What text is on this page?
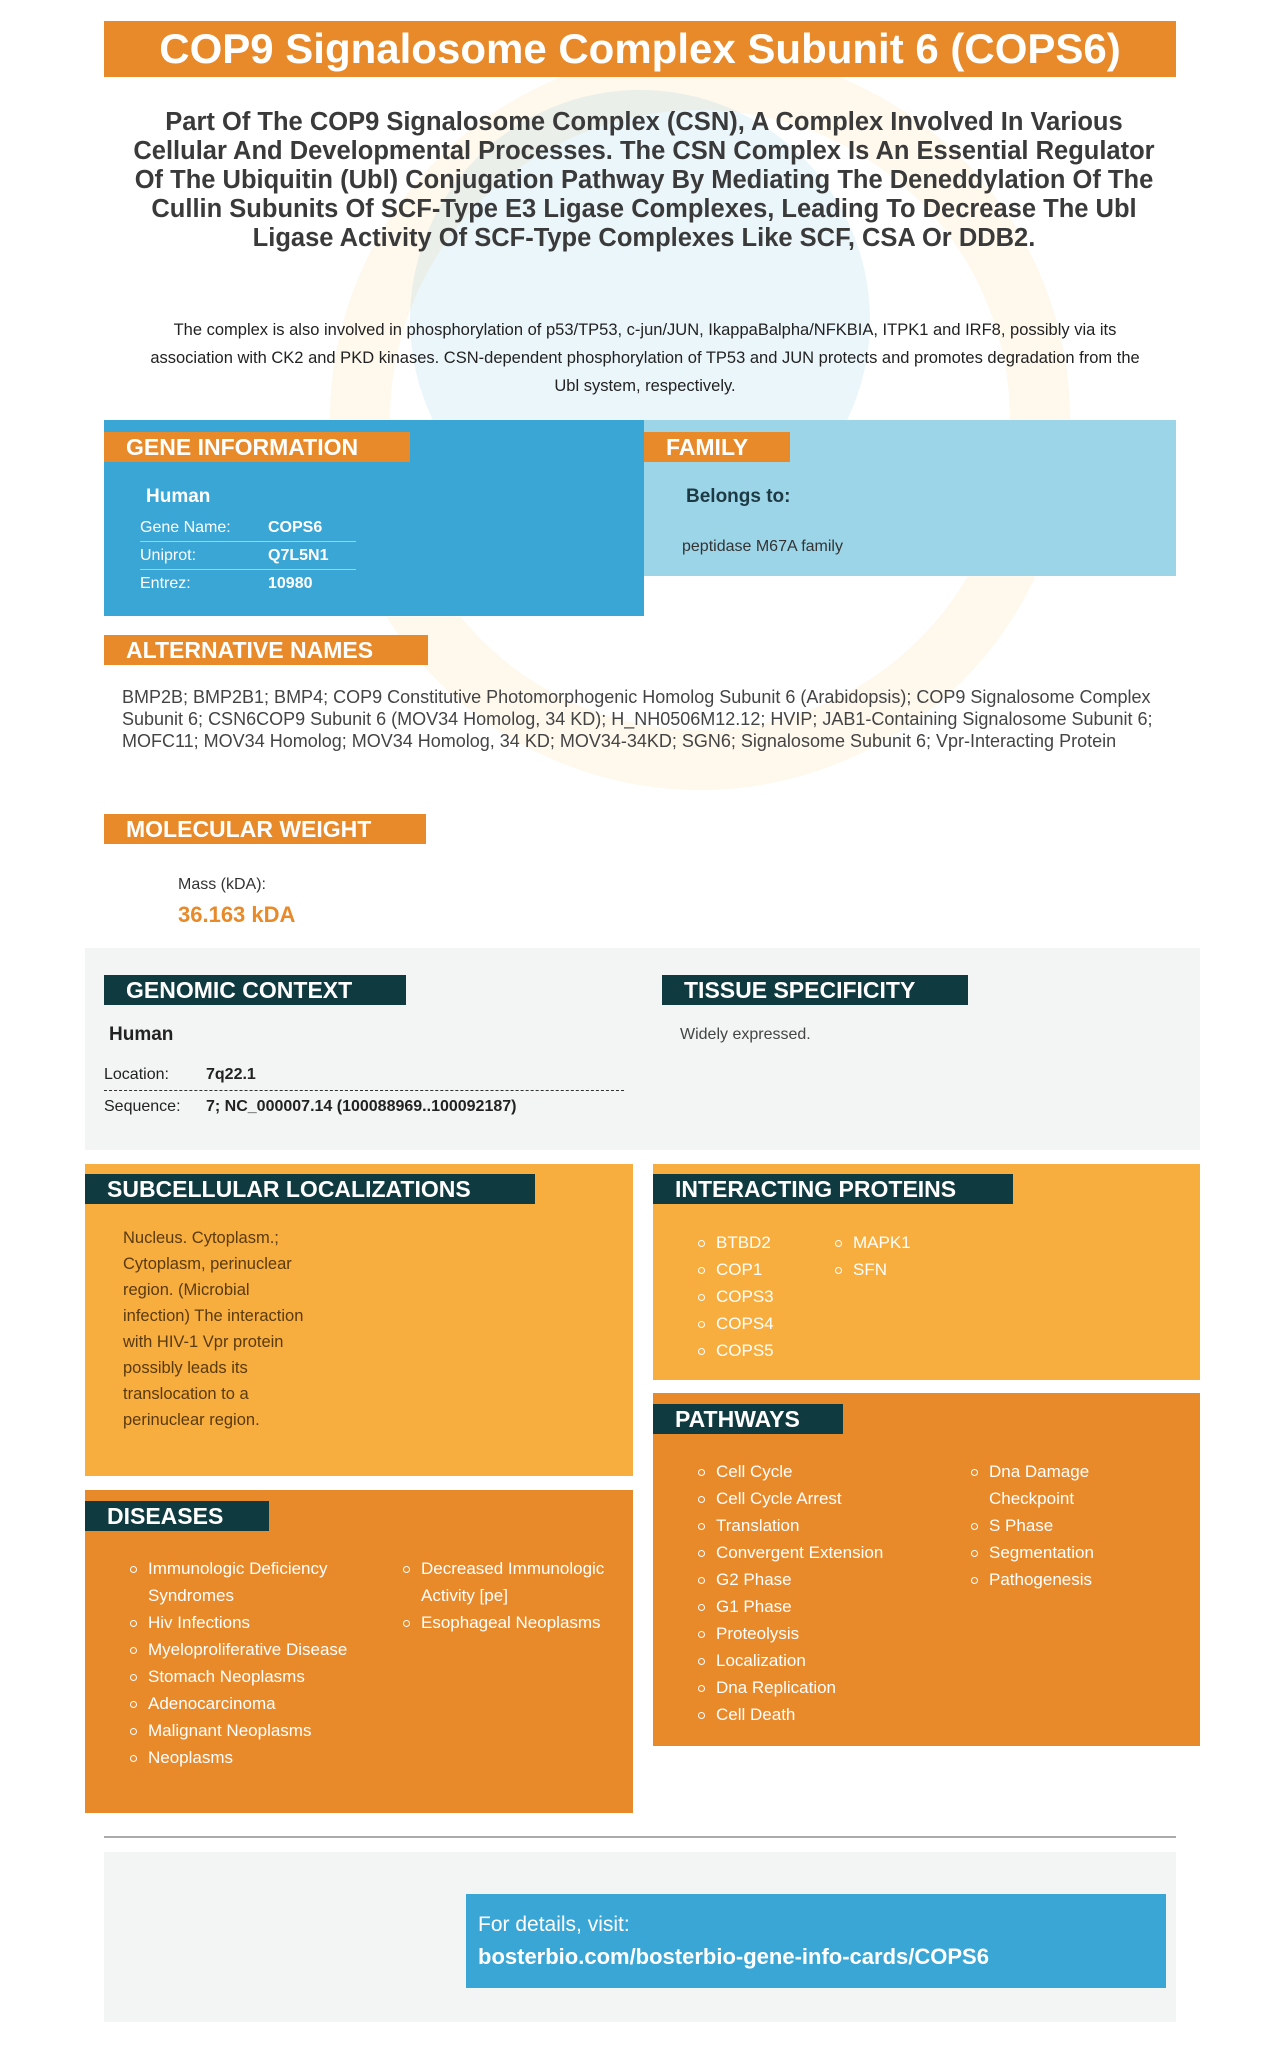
COP9 Signalosome Complex Subunit 6 (COPS6)
Part Of The COP9 Signalosome Complex (CSN), A Complex Involved In Various Cellular And Developmental Processes. The CSN Complex Is An Essential Regulator Of The Ubiquitin (Ubl) Conjugation Pathway By Mediating The Deneddylation Of The Cullin Subunits Of SCF-Type E3 Ligase Complexes, Leading To Decrease The Ubl Ligase Activity Of SCF-Type Complexes Like SCF, CSA Or DDB2.
The complex is also involved in phosphorylation of p53/TP53, c-jun/JUN, IkappaBalpha/NFKBIA, ITPK1 and IRF8, possibly via its association with CK2 and PKD kinases. CSN-dependent phosphorylation of TP53 and JUN protects and promotes degradation from the Ubl system, respectively.
GENE INFORMATION
Human
Gene Name:	COPS6
Uniprot:	Q7L5N1
Entrez:	10980
FAMILY
Belongs to:
peptidase M67A family
ALTERNATIVE NAMES
BMP2B; BMP2B1; BMP4; COP9 Constitutive Photomorphogenic Homolog Subunit 6 (Arabidopsis); COP9 Signalosome Complex Subunit 6; CSN6COP9 Subunit 6 (MOV34 Homolog, 34 KD); H_NH0506M12.12; HVIP; JAB1-Containing Signalosome Subunit 6; MOFC11; MOV34 Homolog; MOV34 Homolog, 34 KD; MOV34-34KD; SGN6; Signalosome Subunit 6; Vpr-Interacting Protein
MOLECULAR WEIGHT
Mass (kDA):
36.163 kDA
GENOMIC CONTEXT
Human
Location:	7q22.1
Sequence:	7; NC_000007.14 (100088969..100092187)
TISSUE SPECIFICITY
Widely expressed.
SUBCELLULAR LOCALIZATIONS
Nucleus. Cytoplasm.;
Cytoplasm, perinuclear
region. (Microbial
infection) The interaction
with HIV-1 Vpr protein
possibly leads its
translocation to a
perinuclear region.
DISEASES
Immunologic Deficiency Syndromes
Hiv Infections
Myeloproliferative Disease
Stomach Neoplasms
Adenocarcinoma
Malignant Neoplasms
Neoplasms
Decreased Immunologic Activity [pe]
Esophageal Neoplasms
INTERACTING PROTEINS
BTBD2
COP1
COPS3
COPS4
COPS5
MAPK1
SFN
PATHWAYS
Cell Cycle
Cell Cycle Arrest
Translation
Convergent Extension
G2 Phase
G1 Phase
Proteolysis
Localization
Dna Replication
Cell Death
Dna Damage Checkpoint
S Phase
Segmentation
Pathogenesis
For details, visit:
bosterbio.com/bosterbio-gene-info-cards/COPS6
